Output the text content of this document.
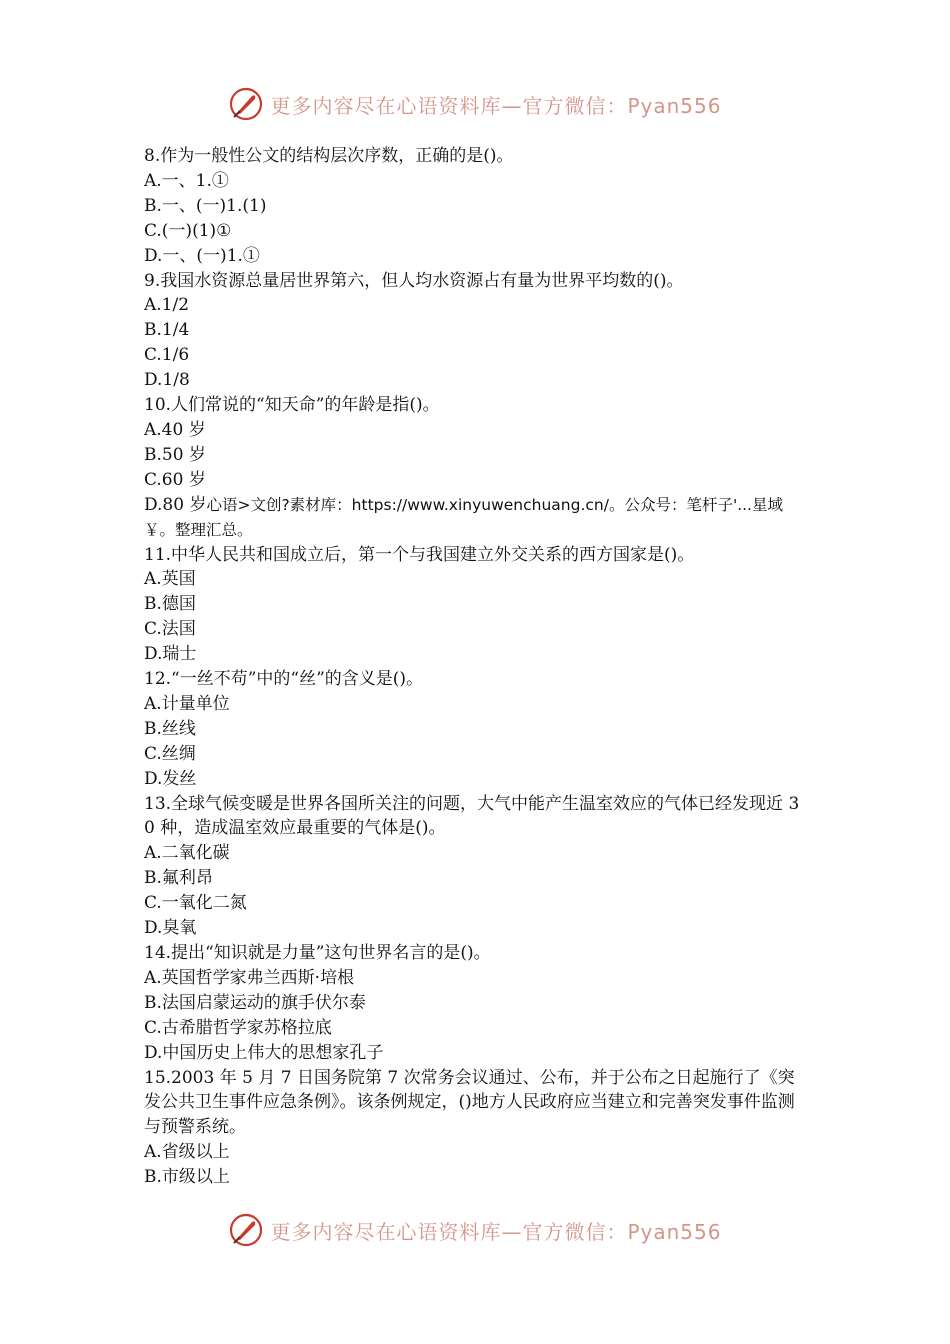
更多内容尽在心语资料库—官方微信：Pyan556
8.作为一般性公文的结构层次序数，正确的是()。
A.一、1.①
B.一、(一)1.(1)
C.(一)(1)①
D.一、(一)1.①
9.我国水资源总量居世界第六，但人均水资源占有量为世界平均数的()。
A.1/2
B.1/4
C.1/6
D.1/8
10.人们常说的“知天命”的年龄是指()。
A.40 岁
B.50 岁
C.60 岁
D.80 岁心语>文创?素材库：https://www.xinyuwenchuang.cn/。公众号：笔杆子'...星域￥。整理汇总。
11.中华人民共和国成立后，第一个与我国建立外交关系的西方国家是()。
A.英国
B.德国
C.法国
D.瑞士
12.“一丝不苟”中的“丝”的含义是()。
A.计量单位
B.丝线
C.丝绸
D.发丝
13.全球气候变暖是世界各国所关注的问题，大气中能产生温室效应的气体已经发现近 30 种，造成温室效应最重要的气体是()。
A.二氧化碳
B.氟利昂
C.一氧化二氮
D.臭氧
14.提出“知识就是力量”这句世界名言的是()。
A.英国哲学家弗兰西斯·培根
B.法国启蒙运动的旗手伏尔泰
C.古希腊哲学家苏格拉底
D.中国历史上伟大的思想家孔子
15.2003 年 5 月 7 日国务院第 7 次常务会议通过、公布，并于公布之日起施行了《突发公共卫生事件应急条例》。该条例规定，()地方人民政府应当建立和完善突发事件监测与预警系统。
A.省级以上
B.市级以上
更多内容尽在心语资料库—官方微信：Pyan556
